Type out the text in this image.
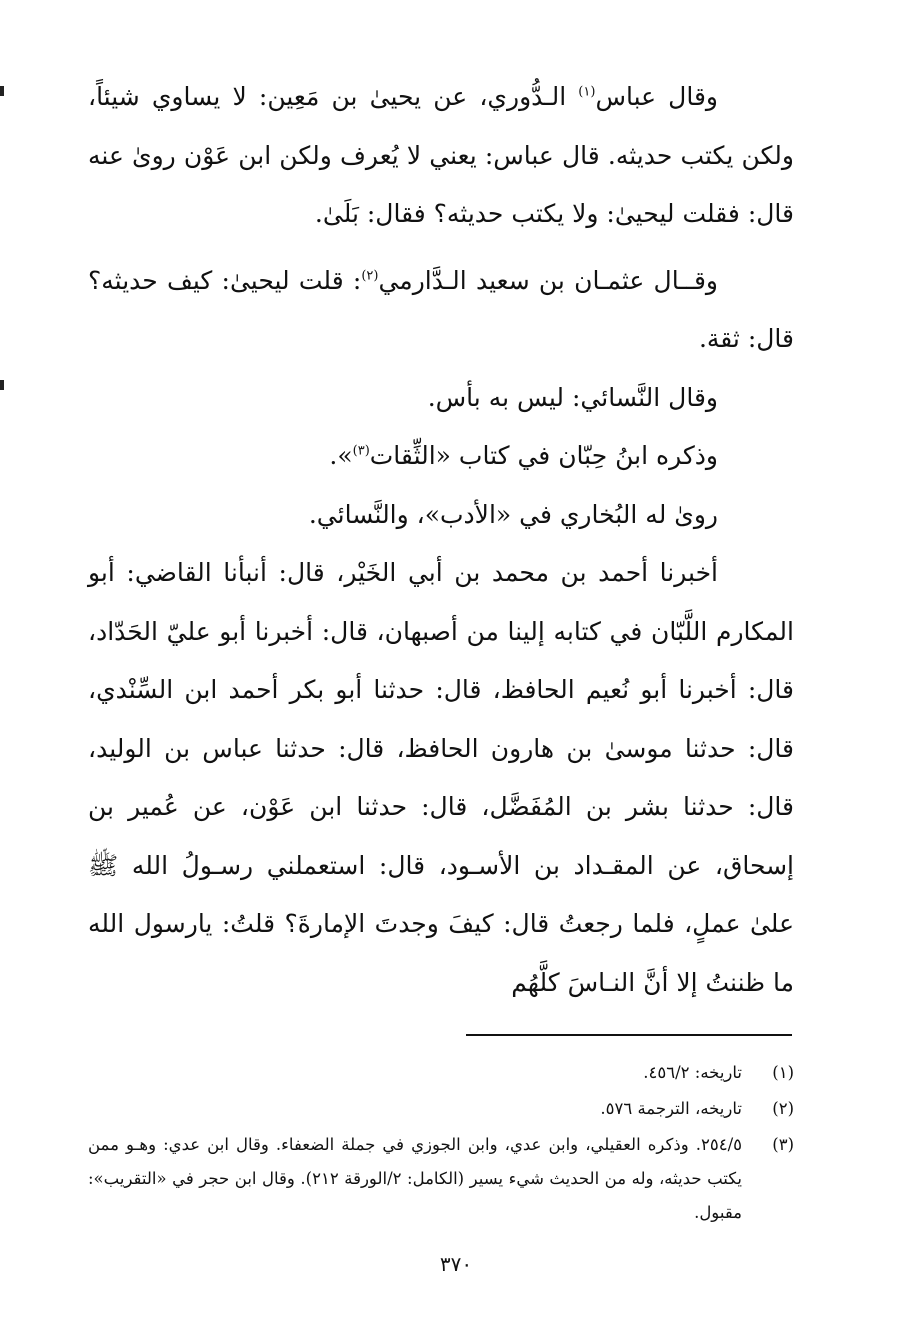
وقال عباس$^{(١)}$ الـدُّوري، عن يحيىٰ بن مَعِين: لا يساوي شيئاً، ولكن يكتب حديثه. قال عباس: يعني لا يُعرف ولكن ابن عَوْن روىٰ عنه قال: فقلت ليحيىٰ: ولا يكتب حديثه؟ فقال: بَلَىٰ.

وقــال عثمـان بن سعيد الـدَّارمي$^{(٢)}$: قلت ليحيىٰ: كيف حديثه؟ قال: ثقة.

وقال النَّسائي: ليس به بأس.

وذكره ابنُ حِبّان في كتاب «الثِّقات$^{(٣)}$».

روىٰ له البُخاري في «الأدب»، والنَّسائي.

أخبرنا أحمد بن محمد بن أبي الخَيْر، قال: أنبأنا القاضي: أبو المكارم اللَّبّان في كتابه إلينا من أصبهان، قال: أخبرنا أبو عليّ الحَدّاد، قال: أخبرنا أبو نُعيم الحافظ، قال: حدثنا أبو بكر أحمد ابن السِّنْدي، قال: حدثنا موسىٰ بن هارون الحافظ، قال: حدثنا عباس بن الوليد، قال: حدثنا بشر بن المُفَضَّل، قال: حدثنا ابن عَوْن، عن عُمير بن إسحاق، عن المقـداد بن الأسـود، قال: استعملني رسـولُ الله ﷺ علىٰ عملٍ، فلما رجعتُ قال: كيفَ وجدتَ الإمارةَ؟ قلتُ: يارسول الله ما ظننتُ إلا أنَّ النـاسَ كلَّهُم

(١)
تاريخه: ٤٥٦/٢.
(٢)
تاريخه، الترجمة ٥٧٦.
(٣)
٢٥٤/٥. وذكره العقيلي، وابن عدي، وابن الجوزي في جملة الضعفاء. وقال ابن عدي: وهـو ممن يكتب حديثه، وله من الحديث شيء يسير (الكامل: ٢/الورقة ٢١٢). وقال ابن حجر في «التقريب»: مقبول.
٣٧٠
